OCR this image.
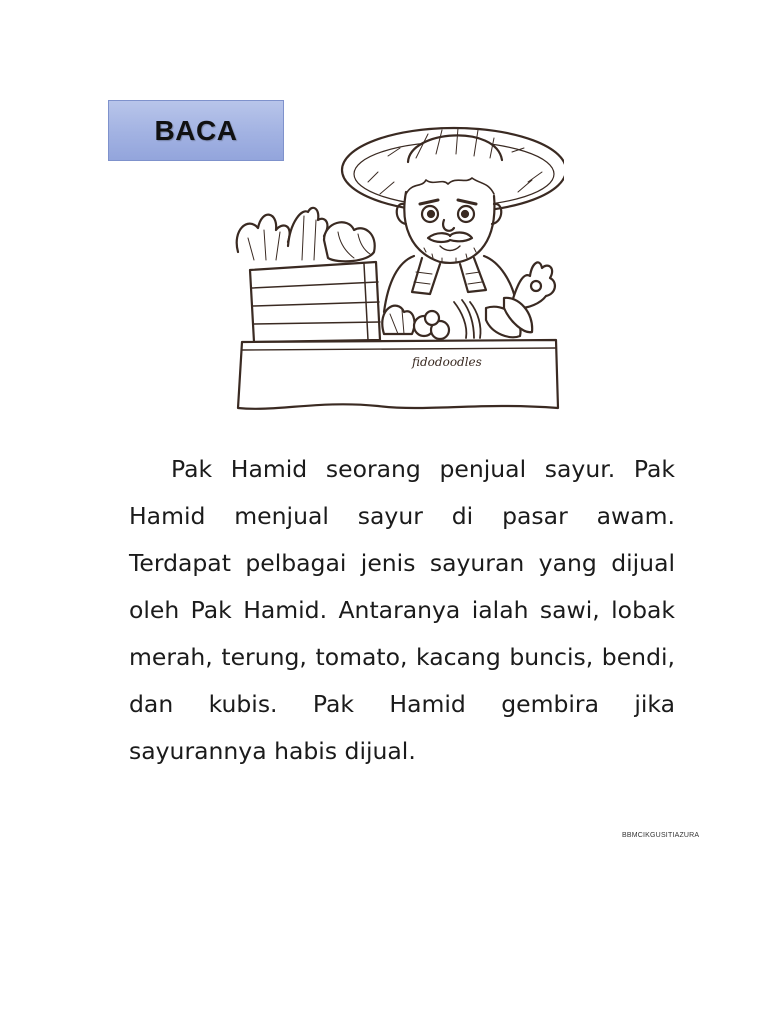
BACA
fidodoodles

Pak Hamid seorang penjual sayur. Pak Hamid menjual sayur di pasar awam. Terdapat pelbagai jenis sayuran yang dijual oleh Pak Hamid. Antaranya ialah sawi, lobak merah, terung, tomato, kacang buncis, bendi, dan kubis. Pak Hamid gembira jika sayurannya habis dijual.

BBMCIKGUSITIAZURA
